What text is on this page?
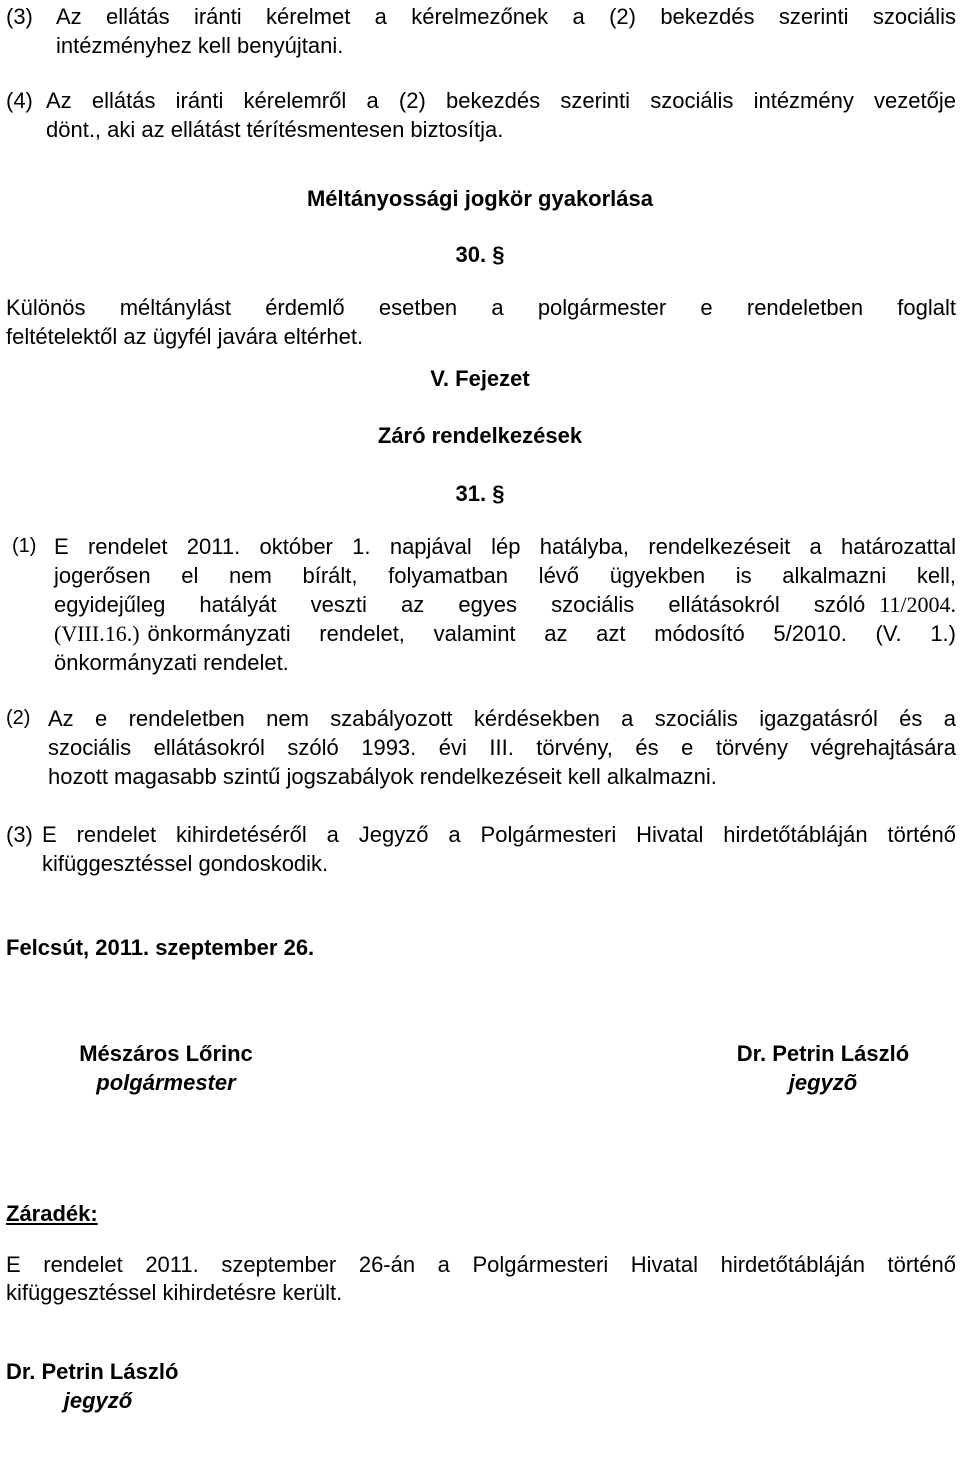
(3)	Az ellátás iránti kérelmet a kérelmezőnek a (2) bekezdés szerinti szociális
intézményhez kell benyújtani.
(4) Az ellátás iránti kérelemről a (2) bekezdés szerinti szociális intézmény vezetője
dönt., aki az ellátást térítésmentesen biztosítja.
Méltányossági jogkör gyakorlása
30. §
Különös méltánylást érdemlő esetben a polgármester e rendeletben foglalt
feltételektől az ügyfél javára eltérhet.
V. Fejezet
Záró rendelkezések
31. §
(1) E rendelet 2011. október 1. napjával lép hatályba, rendelkezéseit a határozattal
jogerősen el nem bírált, folyamatban lévő ügyekben is alkalmazni kell,
egyidejűleg hatályát veszti az egyes szociális ellátásokról szóló 11/2004.
(VIII.16.) önkormányzati rendelet, valamint az azt módosító 5/2010. (V. 1.)
önkormányzati rendelet.
(2) Az e rendeletben nem szabályozott kérdésekben a szociális igazgatásról és a
szociális ellátásokról szóló 1993. évi III. törvény, és e törvény végrehajtására
hozott magasabb szintű jogszabályok rendelkezéseit kell alkalmazni.
(3) E rendelet kihirdetéséről a Jegyző a Polgármesteri Hivatal hirdetőtábláján történő
kifüggesztéssel gondoskodik.
Felcsút, 2011. szeptember 26.
Mészáros Lőrinc
polgármester
Dr. Petrin László
jegyzõ
Záradék:
E rendelet 2011. szeptember 26-án a Polgármesteri Hivatal hirdetőtábláján történő
kifüggesztéssel kihirdetésre került.
Dr. Petrin László
jegyző
